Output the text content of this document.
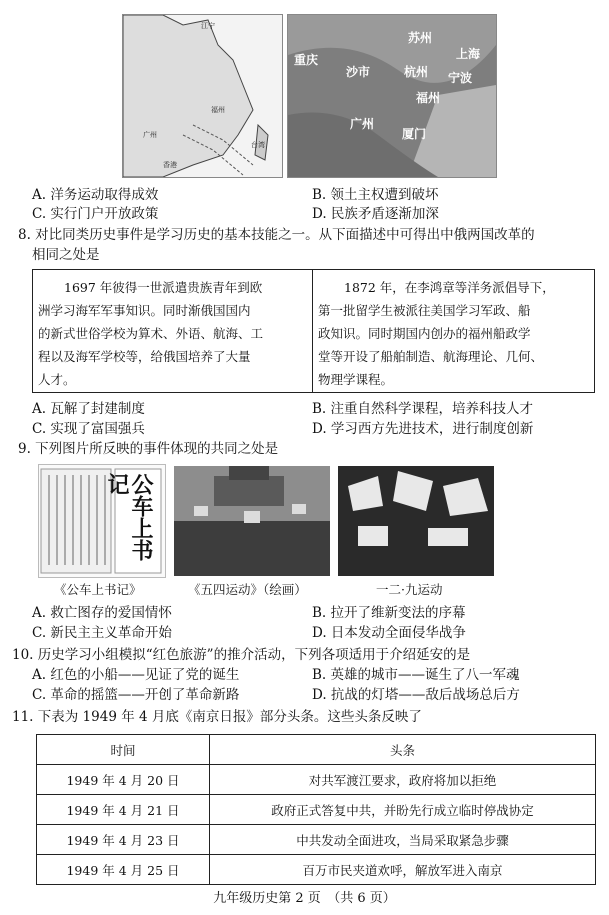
江宁
广州
福州
香港
台湾
苏州
上海
重庆
沙市	杭州 宁波
福州
广州
厦门
A. 洋务运动取得成效	B. 领土主权遭到破坏
C. 实行门户开放政策	D. 民族矛盾逐渐加深
8. 对比同类历史事件是学习历史的基本技能之一。从下面描述中可得出中俄两国改革的
相同之处是
1697 年彼得一世派遣贵族青年到欧
洲学习海军军事知识。同时渐俄国国内
的新式世俗学校为算术、外语、航海、工
程以及海军学校等，给俄国培养了大量
人才。
1872 年，在李鸿章等洋务派倡导下，
第一批留学生被派往美国学习军政、船
政知识。同时期国内创办的福州船政学
堂等开设了船舶制造、航海理论、几何、
物理学课程。
A. 瓦解了封建制度	B. 注重自然科学课程，培养科技人才
C. 实现了富国强兵	D. 学习西方先进技术，进行制度创新
9. 下列图片所反映的事件体现的共同之处是
公车上书记
《公车上书记》	《五四运动》（绘画）	一二·九运动
A. 救亡图存的爱国情怀	B. 拉开了维新变法的序幕
C. 新民主主义革命开始	D. 日本发动全面侵华战争
10. 历史学习小组模拟“红色旅游”的推介活动，下列各项适用于介绍延安的是
A. 红色的小船——见证了党的诞生	B. 英雄的城市——诞生了八一军魂
C. 革命的摇篮——开创了革命新路	D. 抗战的灯塔——敌后战场总后方
11. 下表为 1949 年 4 月底《南京日报》部分头条。这些头条反映了
时间	头条
1949 年 4 月 20 日	对共军渡江要求，政府将加以拒绝
1949 年 4 月 21 日	政府正式答复中共，并盼先行成立临时停战协定
1949 年 4 月 23 日	中共发动全面进攻，当局采取紧急步骤
1949 年 4 月 25 日	百万市民夹道欢呼，解放军进入南京
九年级历史第 2 页　（共 6 页）
